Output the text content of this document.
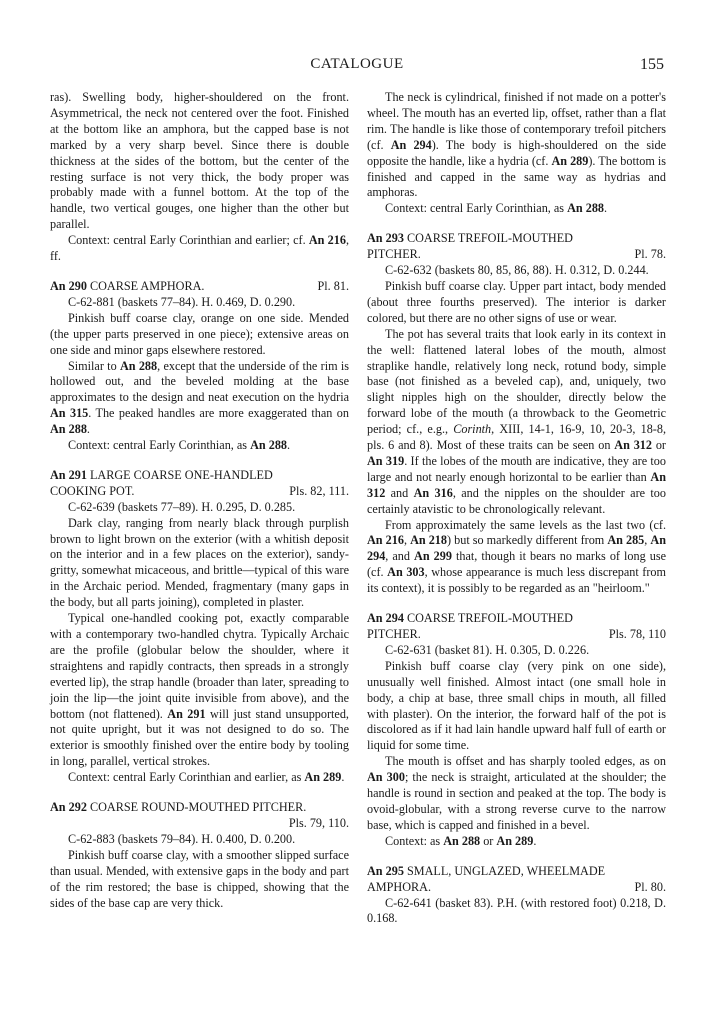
CATALOGUE	155

ras). Swelling body, higher-shouldered on the front. Asymmetrical, the neck not centered over the foot. Finished at the bottom like an amphora, but the capped base is not marked by a very sharp bevel. Since there is double thickness at the sides of the bottom, but the center of the resting surface is not very thick, the body proper was probably made with a funnel bottom. At the top of the handle, two vertical gouges, one higher than the other but parallel.

Context: central Early Corinthian and earlier; cf. An 216, ff.

Pl. 81.
An 290 COARSE AMPHORA.

C-62-881 (baskets 77–84). H. 0.469, D. 0.290.

Pinkish buff coarse clay, orange on one side. Mended (the upper parts preserved in one piece); extensive areas on one side and minor gaps elsewhere restored.

Similar to An 288, except that the underside of the rim is hollowed out, and the beveled molding at the base approximates to the design and neat execution on the hydria An 315. The peaked handles are more exaggerated than on An 288.

Context: central Early Corinthian, as An 288.

An 291 LARGE COARSE ONE-HANDLED

Pls. 82, 111.
COOKING POT.

C-62-639 (baskets 77–89). H. 0.295, D. 0.285.

Dark clay, ranging from nearly black through purplish brown to light brown on the exterior (with a whitish deposit on the interior and in a few places on the exterior), sandy-gritty, somewhat micaceous, and brittle—typical of this ware in the Archaic period. Mended, fragmentary (many gaps in the body, but all parts joining), completed in plaster.

Typical one-handled cooking pot, exactly comparable with a contemporary two-handled chytra. Typically Archaic are the profile (globular below the shoulder, where it straightens and rapidly contracts, then spreads in a strongly everted lip), the strap handle (broader than later, spreading to join the lip—the joint quite invisible from above), and the bottom (not flattened). An 291 will just stand unsupported, not quite upright, but it was not designed to do so. The exterior is smoothly finished over the entire body by tooling in long, parallel, vertical strokes.

Context: central Early Corinthian and earlier, as An 289.

An 292 COARSE ROUND-MOUTHED PITCHER.

Pls. 79, 110.

C-62-883 (baskets 79–84). H. 0.400, D. 0.200.

Pinkish buff coarse clay, with a smoother slipped surface than usual. Mended, with extensive gaps in the body and part of the rim restored; the base is chipped, showing that the sides of the base cap are very thick.

The neck is cylindrical, finished if not made on a potter's wheel. The mouth has an everted lip, offset, rather than a flat rim. The handle is like those of contemporary trefoil pitchers (cf. An 294). The body is high-shouldered on the side opposite the handle, like a hydria (cf. An 289). The bottom is finished and capped in the same way as hydrias and amphoras.

Context: central Early Corinthian, as An 288.

An 293 COARSE TREFOIL-MOUTHED

Pl. 78.
PITCHER.

C-62-632 (baskets 80, 85, 86, 88). H. 0.312, D. 0.244.

Pinkish buff coarse clay. Upper part intact, body mended (about three fourths preserved). The interior is darker colored, but there are no other signs of use or wear.

The pot has several traits that look early in its context in the well: flattened lateral lobes of the mouth, almost straplike handle, relatively long neck, rotund body, simple base (not finished as a beveled cap), and, uniquely, two slight nipples high on the shoulder, directly below the forward lobe of the mouth (a throwback to the Geometric period; cf., e.g., Corinth, XIII, 14-1, 16-9, 10, 20-3, 18-8, pls. 6 and 8). Most of these traits can be seen on An 312 or An 319. If the lobes of the mouth are indicative, they are too large and not nearly enough horizontal to be earlier than An 312 and An 316, and the nipples on the shoulder are too certainly atavistic to be chronologically relevant.

From approximately the same levels as the last two (cf. An 216, An 218) but so markedly different from An 285, An 294, and An 299 that, though it bears no marks of long use (cf. An 303, whose appearance is much less discrepant from its context), it is possibly to be regarded as an "heirloom."

An 294 COARSE TREFOIL-MOUTHED

Pls. 78, 110
PITCHER.

C-62-631 (basket 81). H. 0.305, D. 0.226.

Pinkish buff coarse clay (very pink on one side), unusually well finished. Almost intact (one small hole in body, a chip at base, three small chips in mouth, all filled with plaster). On the interior, the forward half of the pot is discolored as if it had lain handle upward half full of earth or liquid for some time.

The mouth is offset and has sharply tooled edges, as on An 300; the neck is straight, articulated at the shoulder; the handle is round in section and peaked at the top. The body is ovoid-globular, with a strong reverse curve to the narrow base, which is capped and finished in a bevel.

Context: as An 288 or An 289.

An 295 SMALL, UNGLAZED, WHEELMADE

Pl. 80.
AMPHORA.

C-62-641 (basket 83). P.H. (with restored foot) 0.218, D. 0.168.
